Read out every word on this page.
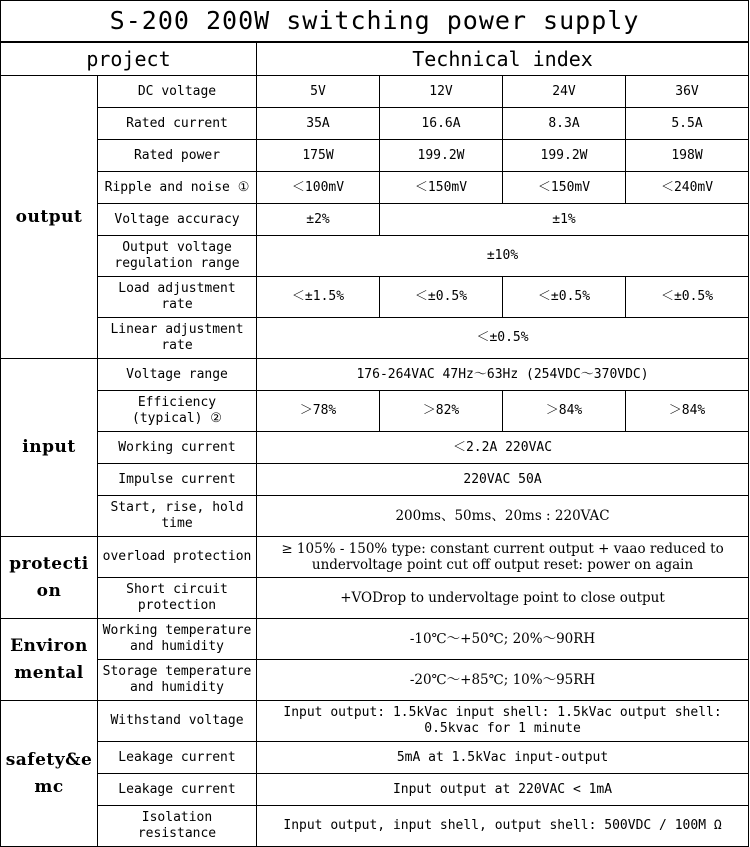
S-200 200W switching power supply					
project		Technical index			
output	DC voltage	5V	12V	24V	36V
	Rated current	35A	16.6A	8.3A	5.5A
	Rated power	175W	199.2W	199.2W	198W
	Ripple and noise ①	＜100mV	＜150mV	＜150mV	＜240mV
	Voltage accuracy	±2%	±1%		
	Output voltage regulation range	±10%			
	Load adjustment rate	＜±1.5%	＜±0.5%	＜±0.5%	＜±0.5%
	Linear adjustment rate	＜±0.5%			
input	Voltage range	176-264VAC 47Hz～63Hz (254VDC～370VDC)			
	Efficiency (typical) ②	＞78%	＞82%	＞84%	＞84%
	Working current	＜2.2A 220VAC			
	Impulse current	220VAC 50A			
	Start, rise, hold time	200ms、50ms、20ms : 220VAC			
protection	overload protection	≥ 105% - 150% type: constant current output + vaao reduced to undervoltage point cut off output reset: power on again			
	Short circuit protection	+VODrop to undervoltage point to close output			
Environmental	Working temperature and humidity	-10℃～+50℃; 20%～90RH			
	Storage temperature and humidity	-20℃～+85℃; 10%～95RH			
safety&emc	Withstand voltage	Input output: 1.5kVac input shell: 1.5kVac output shell: 0.5kvac for 1 minute			
	Leakage current	5mA at 1.5kVac input-output			
	Leakage current	Input output at 220VAC < 1mA			
	Isolation resistance	Input output, input shell, output shell: 500VDC / 100M Ω			
